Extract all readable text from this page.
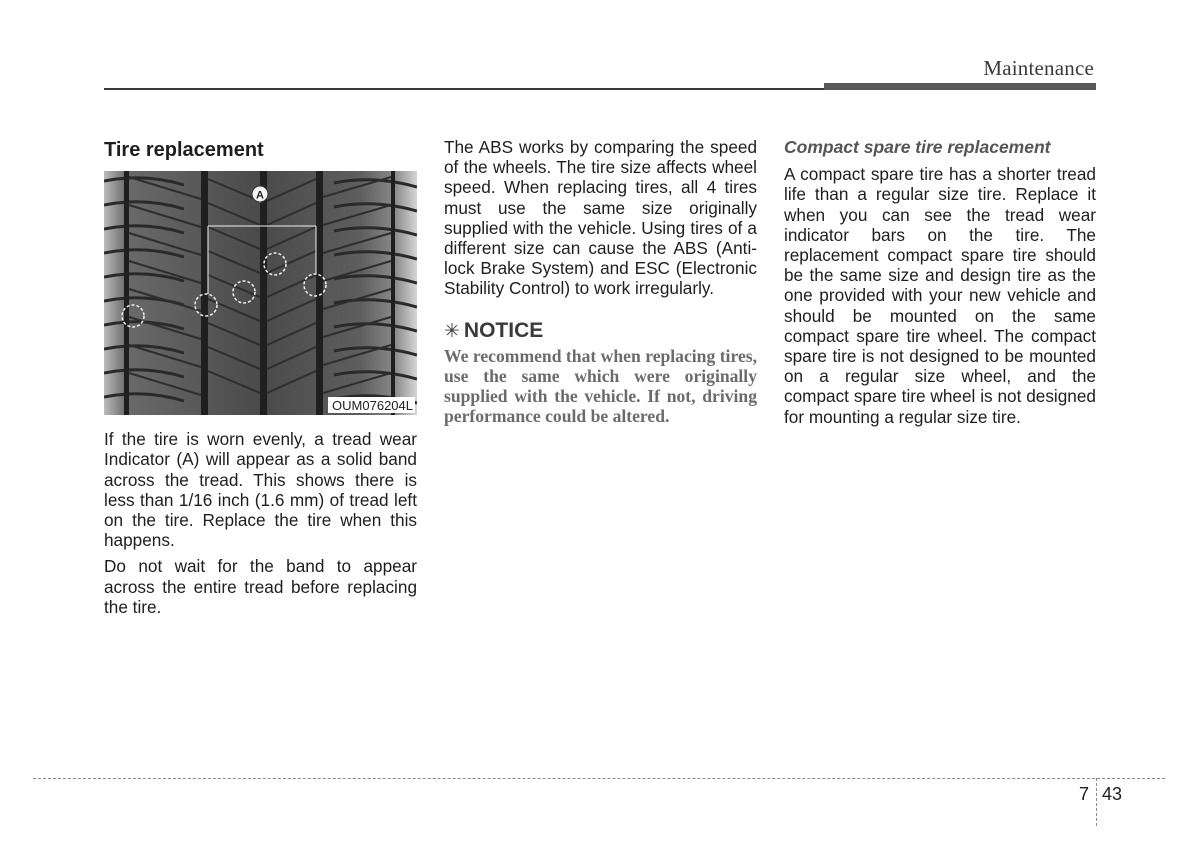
Maintenance
Tire replacement
A
OUM076204L

If the tire is worn evenly, a tread wear Indicator (A) will appear as a solid band across the tread. This shows there is less than 1/16 inch (1.6 mm) of tread left on the tire. Replace the tire when this happens.

Do not wait for the band to appear across the entire tread before replacing the tire.

The ABS works by comparing the speed of the wheels. The tire size affects wheel speed. When replacing tires, all 4 tires must use the same size originally supplied with the vehicle. Using tires of a different size can cause the ABS (Anti-lock Brake System) and ESC (Electronic Stability Control) to work irregularly.

✳ NOTICE

We recommend that when replacing tires, use the same which were originally supplied with the vehicle. If not, driving performance could be altered.

Compact spare tire replacement

A compact spare tire has a shorter tread life than a regular size tire. Replace it when you can see the tread wear indicator bars on the tire. The replacement compact spare tire should be the same size and design tire as the one provided with your new vehicle and should be mounted on the same compact spare tire wheel. The compact spare tire is not designed to be mounted on a regular size wheel, and the compact spare tire wheel is not designed for mounting a regular size tire.

7 43
